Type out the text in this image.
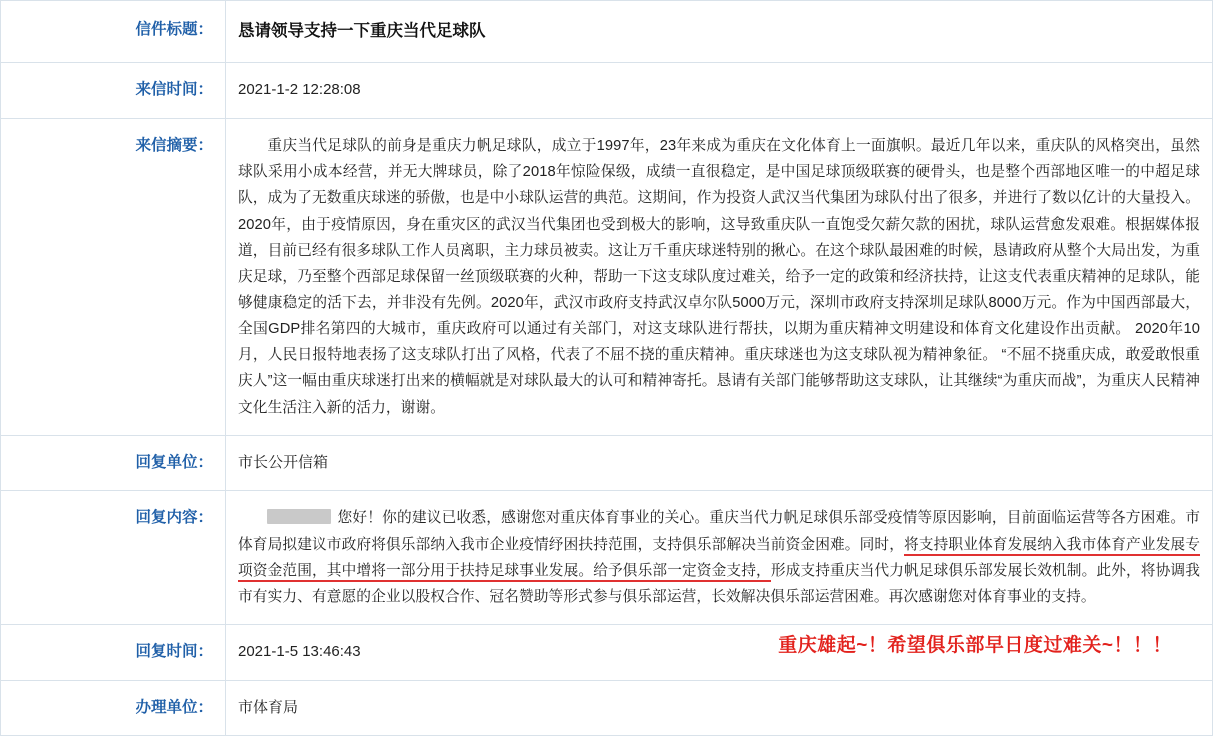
信件标题：	恳请领导支持一下重庆当代足球队
来信时间：	2021-1-2 12:28:08
来信摘要：	重庆当代足球队的前身是重庆力帆足球队，成立于1997年，23年来成为重庆在文化体育上一面旗帜。最近几年以来，重庆队的风格突出，虽然球队采用小成本经营，并无大牌球员，除了2018年惊险保级，成绩一直很稳定，是中国足球顶级联赛的硬骨头，也是整个西部地区唯一的中超足球队，成为了无数重庆球迷的骄傲，也是中小球队运营的典范。这期间，作为投资人武汉当代集团为球队付出了很多，并进行了数以亿计的大量投入。2020年，由于疫情原因，身在重灾区的武汉当代集团也受到极大的影响，这导致重庆队一直饱受欠薪欠款的困扰，球队运营愈发艰难。根据媒体报道，目前已经有很多球队工作人员离职，主力球员被卖。这让万千重庆球迷特别的揪心。在这个球队最困难的时候，恳请政府从整个大局出发，为重庆足球，乃至整个西部足球保留一丝顶级联赛的火种，帮助一下这支球队度过难关，给予一定的政策和经济扶持，让这支代表重庆精神的足球队，能够健康稳定的活下去，并非没有先例。2020年，武汉市政府支持武汉卓尔队5000万元，深圳市政府支持深圳足球队8000万元。作为中国西部最大，全国GDP排名第四的大城市，重庆政府可以通过有关部门，对这支球队进行帮扶，以期为重庆精神文明建设和体育文化建设作出贡献。 2020年10月，人民日报特地表扬了这支球队打出了风格，代表了不屈不挠的重庆精神。重庆球迷也为这支球队视为精神象征。 “不屈不挠重庆成，敢爱敢恨重庆人”这一幅由重庆球迷打出来的横幅就是对球队最大的认可和精神寄托。恳请有关部门能够帮助这支球队，让其继续“为重庆而战”，为重庆人民精神文化生活注入新的活力，谢谢。

回复单位：	市长公开信箱
回复内容：	您好！你的建议已收悉，感谢您对重庆体育事业的关心。重庆当代力帆足球俱乐部受疫情等原因影响，目前面临运营等各方困难。市体育局拟建议市政府将俱乐部纳入我市企业疫情纾困扶持范围，支持俱乐部解决当前资金困难。同时，将支持职业体育发展纳入我市体育产业发展专项资金范围，其中增将一部分用于扶持足球事业发展。给予俱乐部一定资金支持，形成支持重庆当代力帆足球俱乐部发展长效机制。此外，将协调我市有实力、有意愿的企业以股权合作、冠名赞助等形式参与俱乐部运营，长效解决俱乐部运营困难。再次感谢您对体育事业的支持。

回复时间：	2021-1-5 13:46:43 重庆雄起~！希望俱乐部早日度过难关~！！！

办理单位：	市体育局
